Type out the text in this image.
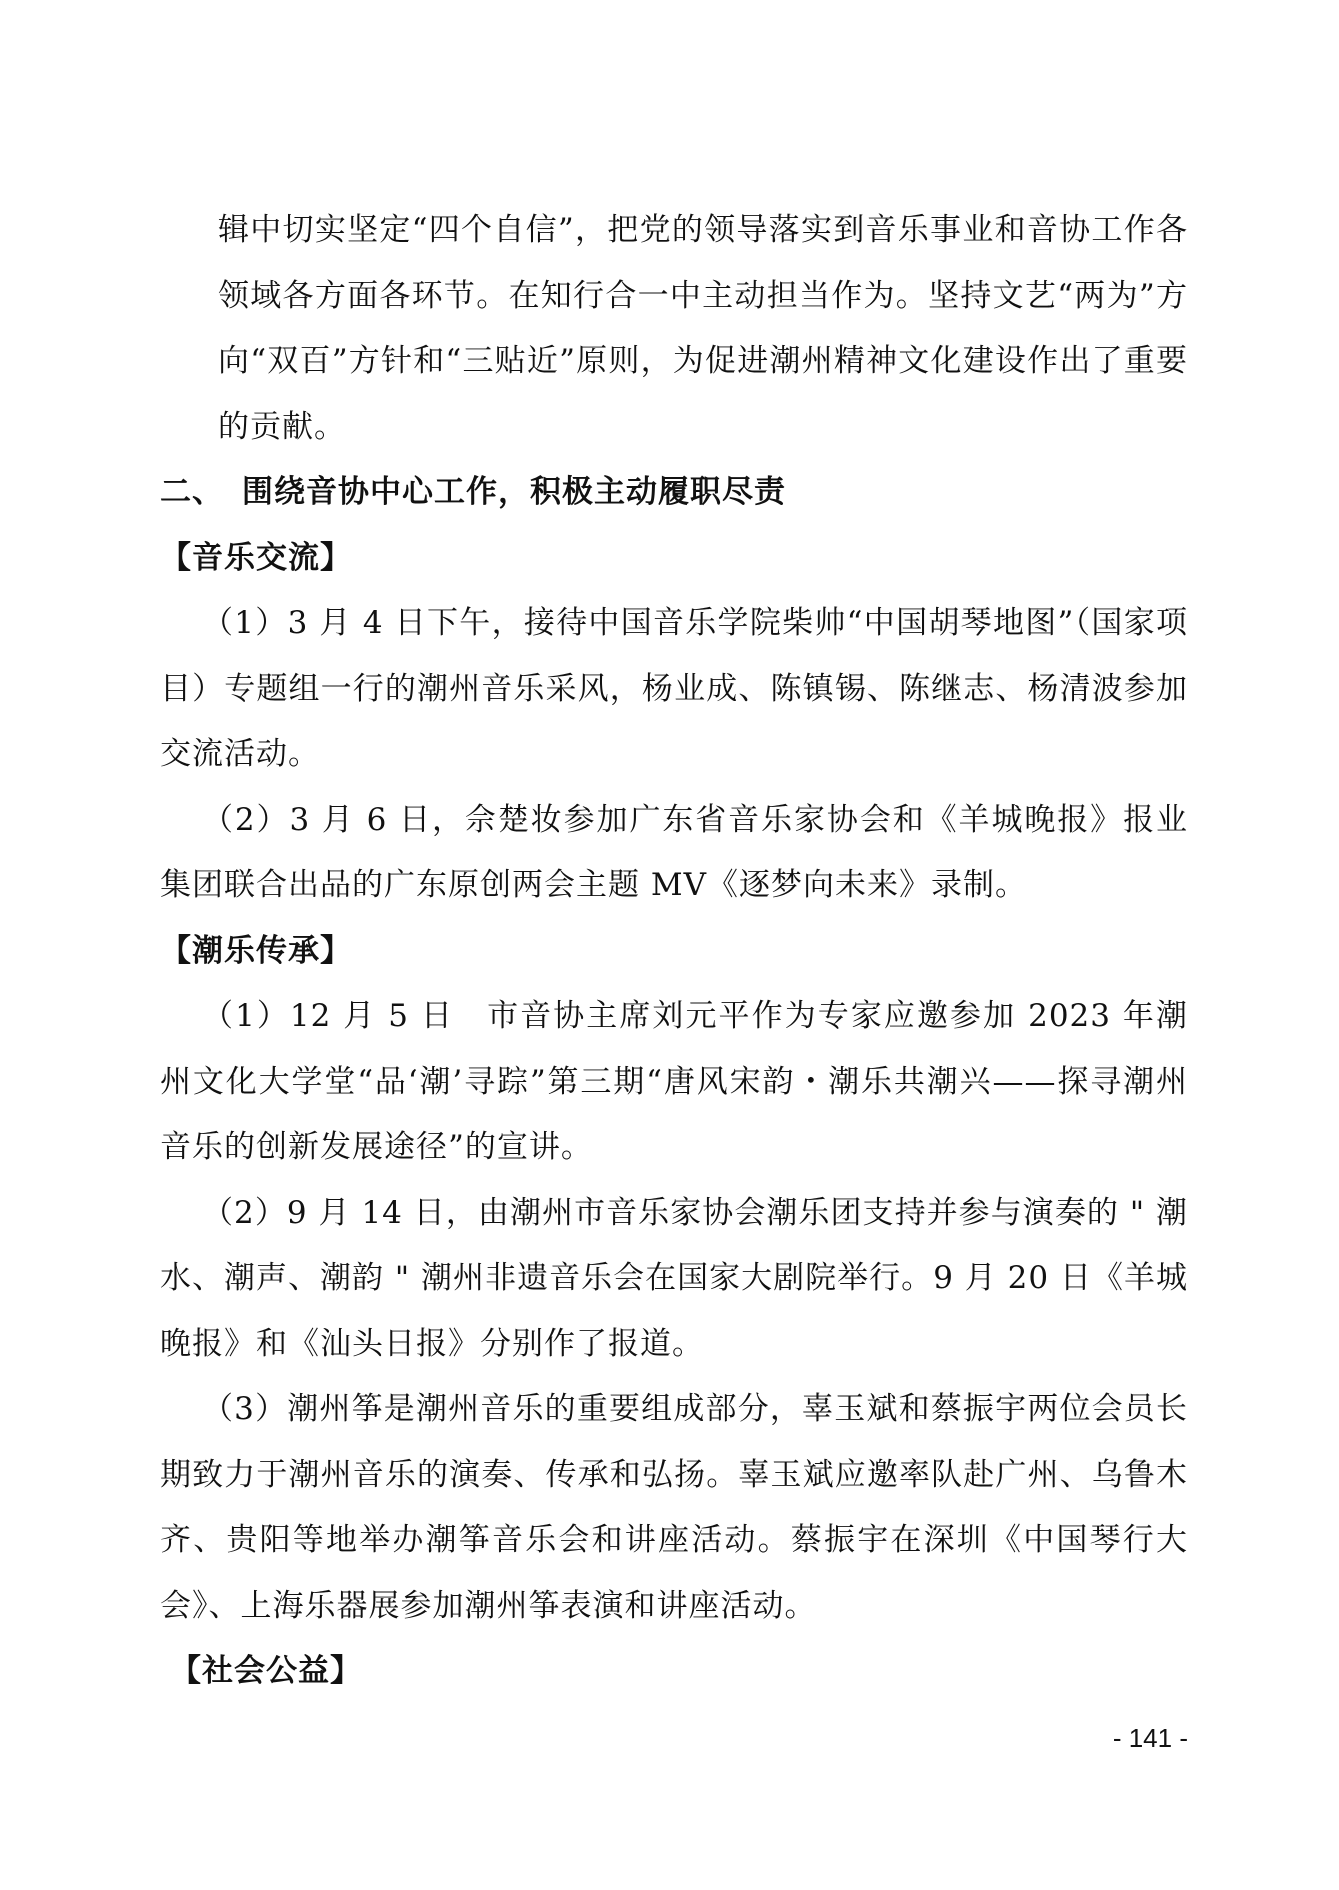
辑中切实坚定“四个自信”，把党的领导落实到音乐事业和音协工作各领域各方面各环节。在知行合一中主动担当作为。坚持文艺“两为”方向“双百”方针和“三贴近”原则，为促进潮州精神文化建设作出了重要的贡献。

二、 围绕音协中心工作，积极主动履职尽责

【音乐交流】

（1）3 月 4 日下午，接待中国音乐学院柴帅“中国胡琴地图”（国家项目）专题组一行的潮州音乐采风，杨业成、陈镇锡、陈继志、杨清波参加交流活动。

（2）3 月 6 日，佘楚妆参加广东省音乐家协会和《羊城晚报》报业集团联合出品的广东原创两会主题 MV《逐梦向未来》录制。

【潮乐传承】

（1）12 月 5 日　市音协主席刘元平作为专家应邀参加 2023 年潮州文化大学堂“品‘潮’寻踪”第三期“唐风宋韵・潮乐共潮兴——探寻潮州音乐的创新发展途径”的宣讲。

（2）9 月 14 日，由潮州市音乐家协会潮乐团支持并参与演奏的 " 潮水、潮声、潮韵 " 潮州非遗音乐会在国家大剧院举行。9 月 20 日《羊城晚报》和《汕头日报》分别作了报道。

（3）潮州筝是潮州音乐的重要组成部分，辜玉斌和蔡振宇两位会员长期致力于潮州音乐的演奏、传承和弘扬。辜玉斌应邀率队赴广州、乌鲁木齐、贵阳等地举办潮筝音乐会和讲座活动。蔡振宇在深圳《中国琴行大会》、上海乐器展参加潮州筝表演和讲座活动。

【社会公益】

- 141 -
